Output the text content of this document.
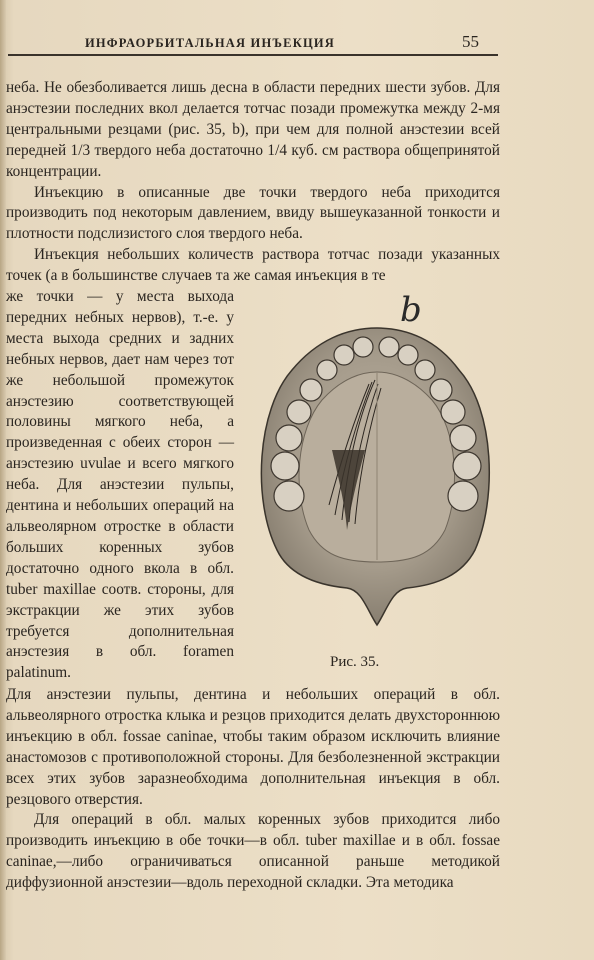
ИНФРАОРБИТАЛЬНАЯ ИНЪЕКЦИЯ	55

неба. Не обезболивается лишь десна в области передних шести зубов. Для анэстезии последних вкол делается тотчас позади промежутка между 2-мя центральными резцами (рис. 35, b), при чем для полной анэстезии всей передней 1/3 твердого неба достаточно 1/4 куб. см раствора общепринятой концентрации.

Инъекцию в описанные две точки твердого неба приходится производить под некоторым давлением, ввиду вышеуказанной тонкости и плотности подслизистого слоя твердого неба.

Инъекция небольших количеств раствора тотчас позади указанных точек (а в большинстве случаев та же самая инъекция в те

же точки — у места выхода передних небных нервов), т.-е. у места выхода средних и задних небных нервов, дает нам через тот же небольшой промежуток анэстезию соответствующей половины мягкого неба, а произведенная с обеих сторон — анэстезию uvulae и всего мягкого неба. Для анэстезии пульпы, дентина и небольших операций на альвеолярном отростке в области больших коренных зубов достаточно одного вкола в обл. tuber maxillae соотв. стороны, для экстракции же этих зубов требуется дополнительная анэстезия в обл. foramen palatinum.

b
Рис. 35.

Для анэстезии пульпы, дентина и небольших операций в обл. альвеолярного отростка клыка и резцов приходится делать двухстороннюю инъекцию в обл. fossae caninae, чтобы таким образом исключить влияние анастомозов с противоположной стороны. Для безболезненной экстракции всех этих зубов заразнеобходима дополнительная инъекция в обл. резцового отверстия.

Для операций в обл. малых коренных зубов приходится либо производить инъекцию в обе точки—в обл. tuber maxillae и в обл. fossae caninae,—либо ограничиваться описанной раньше методикой диффузионной анэстезии—вдоль переходной складки. Эта методика
